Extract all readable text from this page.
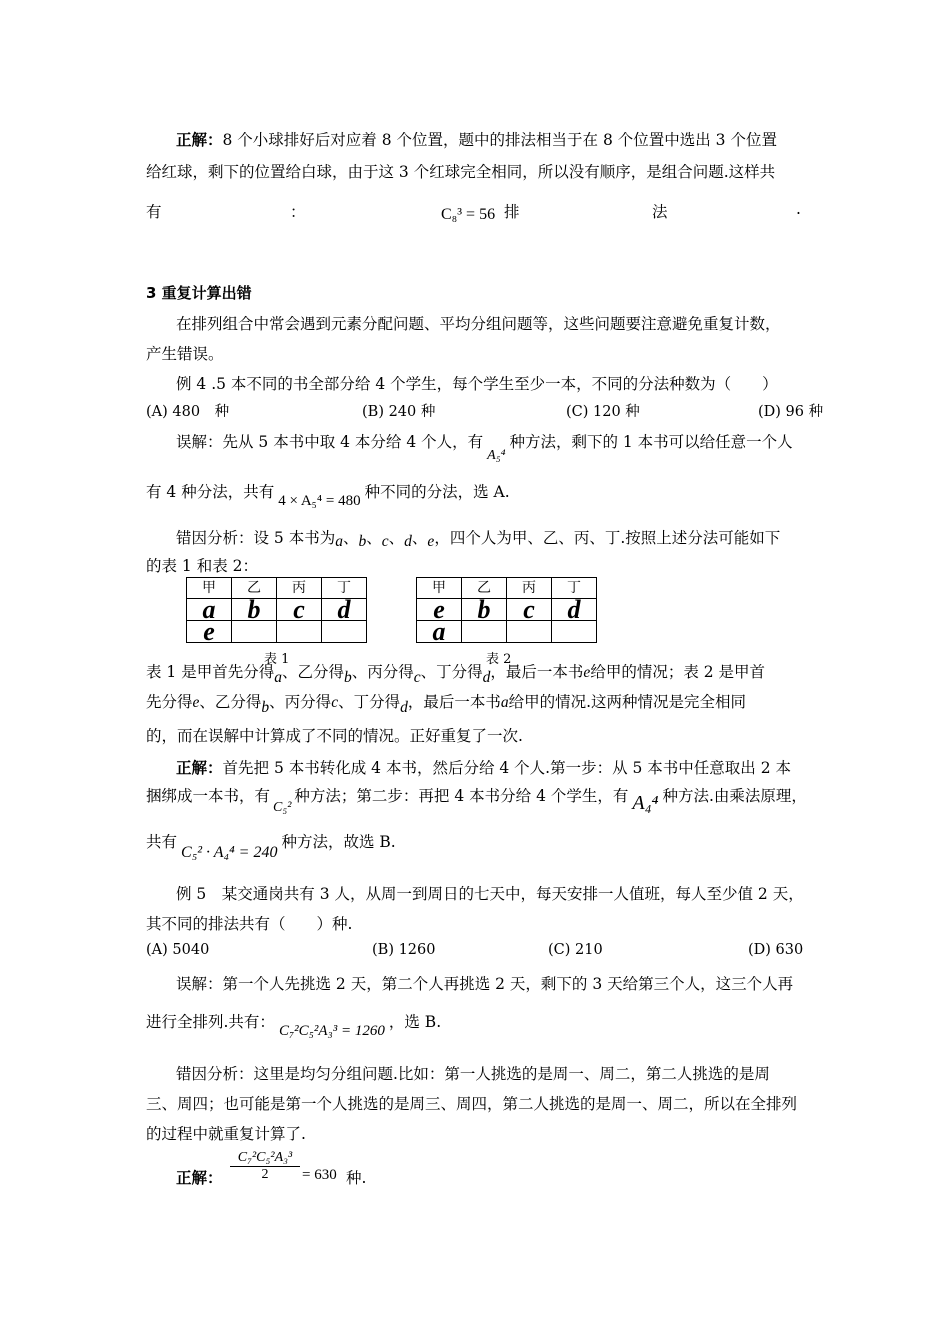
正解：8 个小球排好后对应着 8 个位置，题中的排法相当于在 8 个位置中选出 3 个位置
给红球，剩下的位置给白球，由于这 3 个红球完全相同，所以没有顺序，是组合问题.这样共
有	：	C₈³ = 56 排	法	.
3 重复计算出错
在排列组合中常会遇到元素分配问题、平均分组问题等，这些问题要注意避免重复计数，
产生错误。
例 4 .5 本不同的书全部分给 4 个学生，每个学生至少一本，不同的分法种数为（　　）
(A) 480　种	(B) 240 种	(C) 120 种	(D) 96 种
误解：先从 5 本书中取 4 本分给 4 个人，有A₅⁴种方法，剩下的 1 本书可以给任意一个人
有 4 种分法，共有 4 × A₅⁴ = 480 种不同的分法，选 A.
错因分析：设 5 本书为a、b、c、d、e，四个人为甲、乙、丙、丁.按照上述分法可能如下
的表 1 和表 2：
甲	乙	丙	丁
a	b	c	d
e			
表 1
甲	乙	丙	丁
e	b	c	d
a			
表 2
表 1 是甲首先分得a、乙分得b、丙分得c、丁分得d，最后一本书e给甲的情况；表 2 是甲首
先分得e、乙分得b、丙分得c、丁分得d，最后一本书a给甲的情况.这两种情况是完全相同
的，而在误解中计算成了不同的情况。正好重复了一次.
正解：首先把 5 本书转化成 4 本书，然后分给 4 个人.第一步：从 5 本书中任意取出 2 本
捆绑成一本书，有C₅²种方法；第二步：再把 4 本书分给 4 个学生，有 A₄⁴ 种方法.由乘法原理，
共有C₅² · A₄⁴ = 240种方法，故选 B.
例 5　某交通岗共有 3 人，从周一到周日的七天中，每天安排一人值班，每人至少值 2 天，
其不同的排法共有（　　）种.
(A) 5040	(B) 1260	(C) 210	(D) 630
误解：第一个人先挑选 2 天，第二个人再挑选 2 天，剩下的 3 天给第三个人，这三个人再
进行全排列.共有： C₇²C₅²A₃³ = 1260 ，选 B.
错因分析：这里是均匀分组问题.比如：第一人挑选的是周一、周二，第二人挑选的是周
三、周四；也可能是第一个人挑选的是周三、周四，第二人挑选的是周一、周二，所以在全排列
的过程中就重复计算了.
正解：
C₇²C₅²A₃³
2	= 630 种.
